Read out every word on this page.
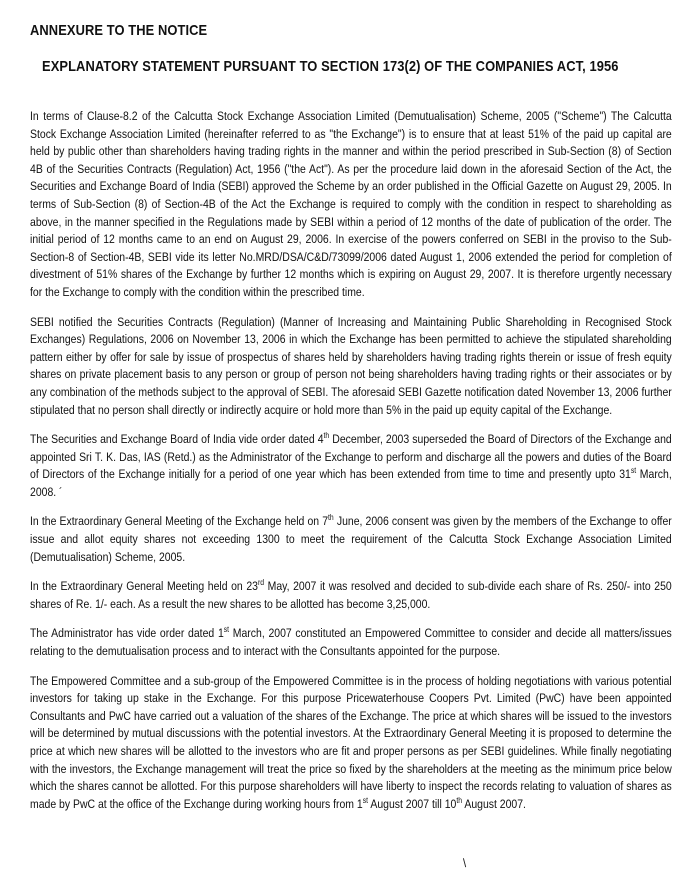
ANNEXURE TO THE NOTICE
EXPLANATORY STATEMENT PURSUANT TO SECTION 173(2) OF THE COMPANIES ACT, 1956

In terms of Clause-8.2 of the Calcutta Stock Exchange Association Limited (Demutualisation) Scheme, 2005 ("Scheme") The Calcutta Stock Exchange Association Limited (hereinafter referred to as "the Exchange") is to ensure that at least 51% of the paid up capital are held by public other than shareholders having trading rights in the manner and within the period prescribed in Sub-Section (8) of Section 4B of the Securities Contracts (Regulation) Act, 1956 ("the Act"). As per the procedure laid down in the aforesaid Section of the Act, the Securities and Exchange Board of India (SEBI) approved the Scheme by an order published in the Official Gazette on August 29, 2005. In terms of Sub-Section (8) of Section-4B of the Act the Exchange is required to comply with the condition in respect to shareholding as above, in the manner specified in the Regulations made by SEBI within a period of 12 months of the date of publication of the order. The initial period of 12 months came to an end on August 29, 2006. In exercise of the powers conferred on SEBI in the proviso to the Sub-Section-8 of Section-4B, SEBI vide its letter No.MRD/DSA/C&D/73099/2006 dated August 1, 2006 extended the period for completion of divestment of 51% shares of the Exchange by further 12 months which is expiring on August 29, 2007. It is therefore urgently necessary for the Exchange to comply with the condition within the prescribed time.

SEBI notified the Securities Contracts (Regulation) (Manner of Increasing and Maintaining Public Shareholding in Recognised Stock Exchanges) Regulations, 2006 on November 13, 2006 in which the Exchange has been permitted to achieve the stipulated shareholding pattern either by offer for sale by issue of prospectus of shares held by shareholders having trading rights therein or issue of fresh equity shares on private placement basis to any person or group of person not being shareholders having trading rights or their associates or by any combination of the methods subject to the approval of SEBI. The aforesaid SEBI Gazette notification dated November 13, 2006 further stipulated that no person shall directly or indirectly acquire or hold more than 5% in the paid up equity capital of the Exchange.

The Securities and Exchange Board of India vide order dated 4th December, 2003 superseded the Board of Directors of the Exchange and appointed Sri T. K. Das, IAS (Retd.) as the Administrator of the Exchange to perform and discharge all the powers and duties of the Board of Directors of the Exchange initially for a period of one year which has been extended from time to time and presently upto 31st March, 2008. ´

In the Extraordinary General Meeting of the Exchange held on 7th June, 2006 consent was given by the members of the Exchange to offer issue and allot equity shares not exceeding 1300 to meet the requirement of the Calcutta Stock Exchange Association Limited (Demutualisation) Scheme, 2005.

In the Extraordinary General Meeting held on 23rd May, 2007 it was resolved and decided to sub-divide each share of Rs. 250/- into 250 shares of Re. 1/- each. As a result the new shares to be allotted has become 3,25,000.

The Administrator has vide order dated 1st March, 2007 constituted an Empowered Committee to consider and decide all matters/issues relating to the demutualisation process and to interact with the Consultants appointed for the purpose.

The Empowered Committee and a sub-group of the Empowered Committee is in the process of holding negotiations with various potential investors for taking up stake in the Exchange. For this purpose Pricewaterhouse Coopers Pvt. Limited (PwC) have been appointed Consultants and PwC have carried out a valuation of the shares of the Exchange. The price at which shares will be issued to the investors will be determined by mutual discussions with the potential investors. At the Extraordinary General Meeting it is proposed to determine the price at which new shares will be allotted to the investors who are fit and proper persons as per SEBI guidelines. While finally negotiating with the investors, the Exchange management will treat the price so fixed by the shareholders at the meeting as the minimum price below which the shares cannot be allotted. For this purpose shareholders will have liberty to inspect the records relating to valuation of shares as made by PwC at the office of the Exchange during working hours from 1st August 2007 till 10th August 2007.

/
